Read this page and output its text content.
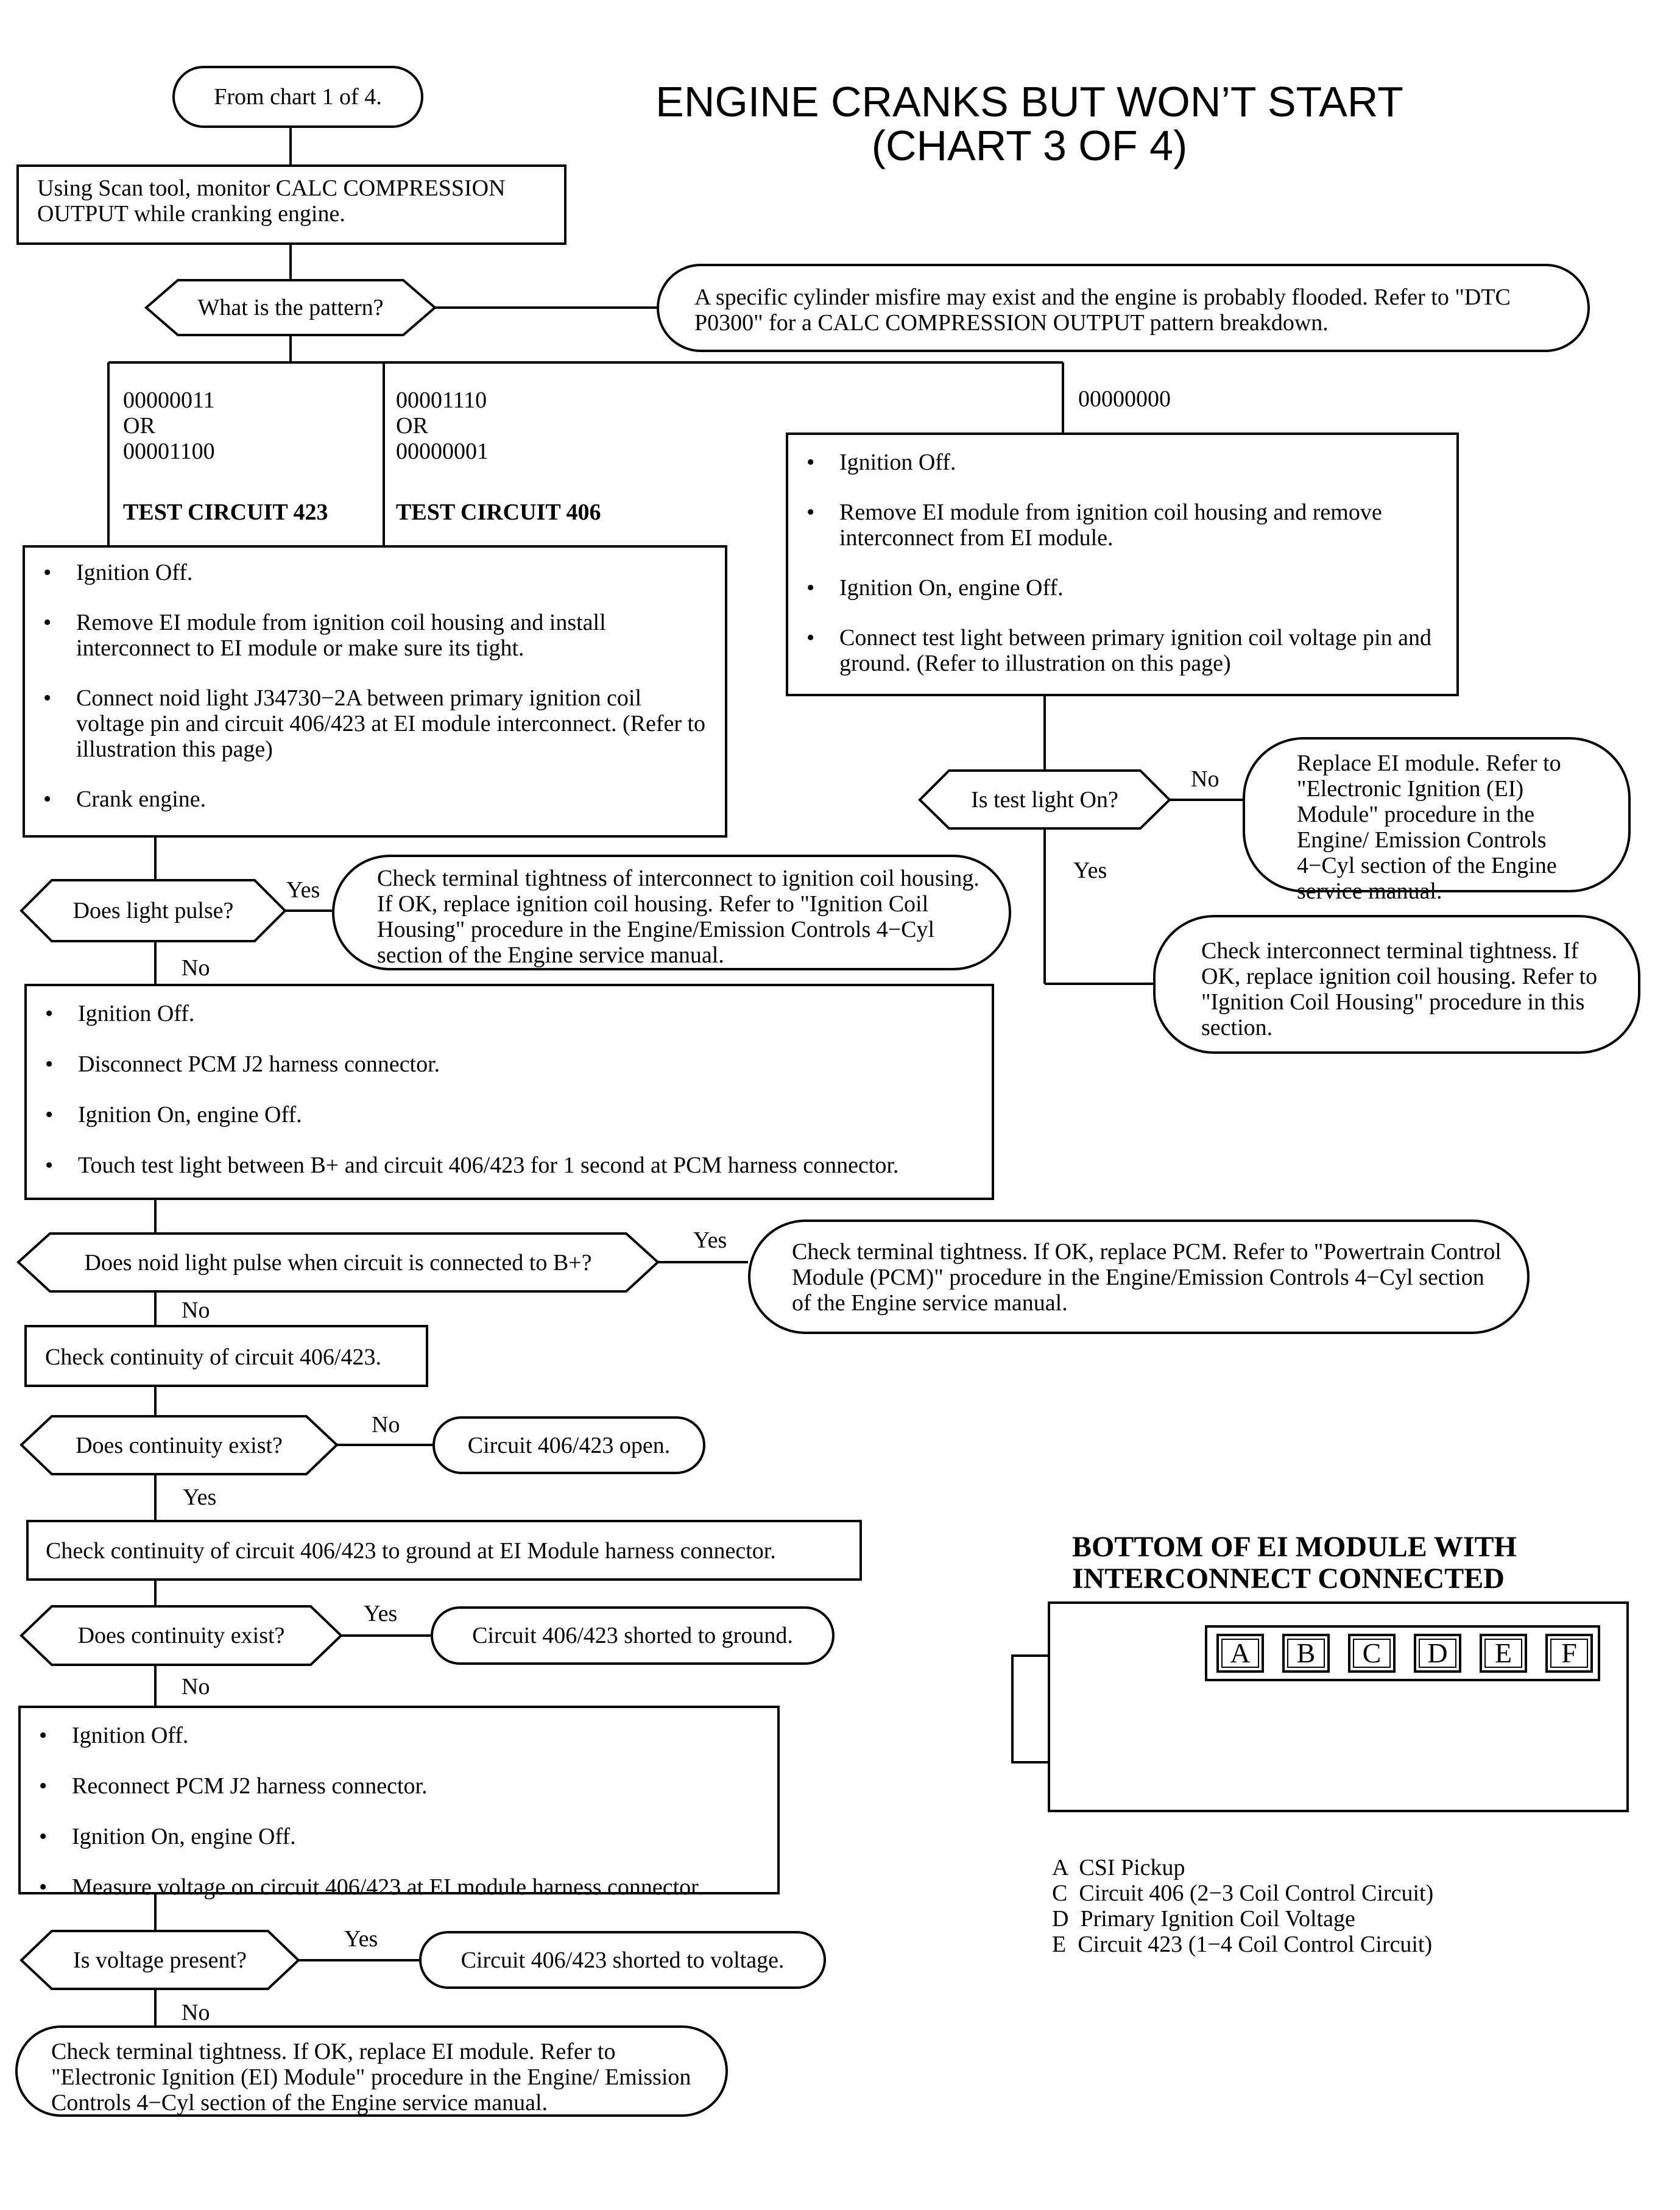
ENGINE CRANKS BUT WON’T START
(CHART 3 OF 4)
From chart 1 of 4.
Using Scan tool, monitor CALC COMPRESSION OUTPUT while cranking engine.
What is the pattern?	A specific cylinder misfire may exist and the engine is probably flooded. Refer to "DTC P0300" for a CALC COMPRESSION OUTPUT pattern breakdown.
00000011
OR
00001100
TEST CIRCUIT 423
00001110
OR
00000001
TEST CIRCUIT 406
00000000
• Ignition Off.
• Remove EI module from ignition coil housing and install interconnect to EI module or make sure its tight.
• Connect noid light J34730−2A between primary ignition coil voltage pin and circuit 406/423 at EI module interconnect. (Refer to illustration this page)
• Crank engine.
• Ignition Off.
• Remove EI module from ignition coil housing and remove interconnect from EI module.
• Ignition On, engine Off.
• Connect test light between primary ignition coil voltage pin and ground. (Refer to illustration on this page)
Is test light On?
No
Yes
Replace EI module. Refer to "Electronic Ignition (EI) Module" procedure in the Engine/ Emission Controls 4−Cyl section of the Engine service manual.
Check interconnect terminal tightness. If OK, replace ignition coil housing. Refer to "Ignition Coil Housing" procedure in this section.
Does light pulse?
Yes
No
Check terminal tightness of interconnect to ignition coil housing. If OK, replace ignition coil housing. Refer to "Ignition Coil Housing" procedure in the Engine/Emission Controls 4−Cyl section of the Engine service manual.
• Ignition Off.
• Disconnect PCM J2 harness connector.
• Ignition On, engine Off.
• Touch test light between B+ and circuit 406/423 for 1 second at PCM harness connector.
Does noid light pulse when circuit is connected to B+?
Yes
No
Check terminal tightness. If OK, replace PCM. Refer to "Powertrain Control Module (PCM)" procedure in the Engine/Emission Controls 4−Cyl section of the Engine service manual.
Check continuity of circuit 406/423.
Does continuity exist?
No
Yes
Circuit 406/423 open.
Check continuity of circuit 406/423 to ground at EI Module harness connector.
Does continuity exist?
Yes
No
Circuit 406/423 shorted to ground.
• Ignition Off.
• Reconnect PCM J2 harness connector.
• Ignition On, engine Off.
• Measure voltage on circuit 406/423 at EI module harness connector.
Is voltage present?
Yes
No
Circuit 406/423 shorted to voltage.
Check terminal tightness. If OK, replace EI module. Refer to "Electronic Ignition (EI) Module" procedure in the Engine/ Emission Controls 4−Cyl section of the Engine service manual.
BOTTOM OF EI MODULE WITH
INTERCONNECT CONNECTED
A	B	C	D	E	F
A  CSI Pickup
C  Circuit 406 (2−3 Coil Control Circuit)
D  Primary Ignition Coil Voltage
E  Circuit 423 (1−4 Coil Control Circuit)
